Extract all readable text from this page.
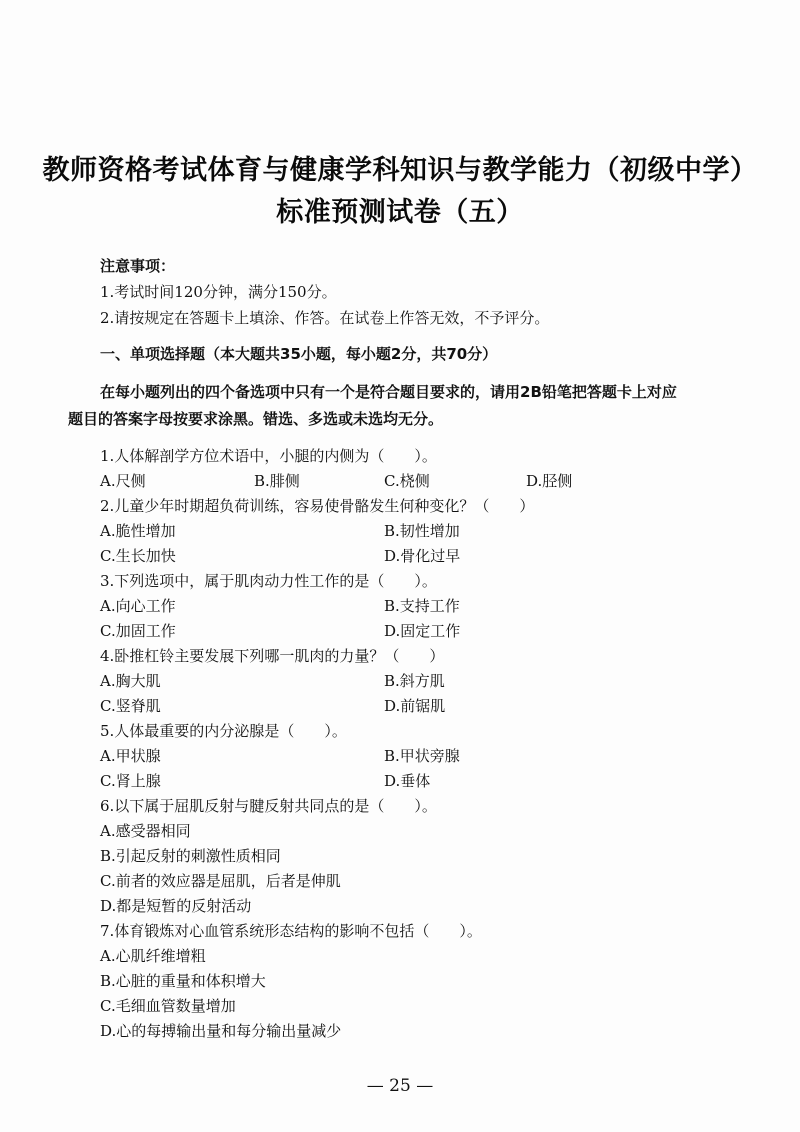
教师资格考试体育与健康学科知识与教学能力（初级中学）
标准预测试卷（五）
注意事项：
1.考试时间120分钟，满分150分。
2.请按规定在答题卡上填涂、作答。在试卷上作答无效，不予评分。
一、单项选择题（本大题共35小题，每小题2分，共70分）
在每小题列出的四个备选项中只有一个是符合题目要求的，请用2B铅笔把答题卡上对应
题目的答案字母按要求涂黑。错选、多选或未选均无分。
1.人体解剖学方位术语中，小腿的内侧为（　　）。
A.尺侧	B.腓侧	C.桡侧	D.胫侧
2.儿童少年时期超负荷训练，容易使骨骼发生何种变化？（　　）
A.脆性增加	B.韧性增加
C.生长加快	D.骨化过早
3.下列选项中，属于肌肉动力性工作的是（　　）。
A.向心工作	B.支持工作
C.加固工作	D.固定工作
4.卧推杠铃主要发展下列哪一肌肉的力量？（　　）
A.胸大肌	B.斜方肌
C.竖脊肌	D.前锯肌
5.人体最重要的内分泌腺是（　　）。
A.甲状腺	B.甲状旁腺
C.肾上腺	D.垂体
6.以下属于屈肌反射与腱反射共同点的是（　　）。
A.感受器相同
B.引起反射的刺激性质相同
C.前者的效应器是屈肌，后者是伸肌
D.都是短暂的反射活动
7.体育锻炼对心血管系统形态结构的影响不包括（　　）。
A.心肌纤维增粗
B.心脏的重量和体积增大
C.毛细血管数量增加
D.心的每搏输出量和每分输出量减少
— 25 —
